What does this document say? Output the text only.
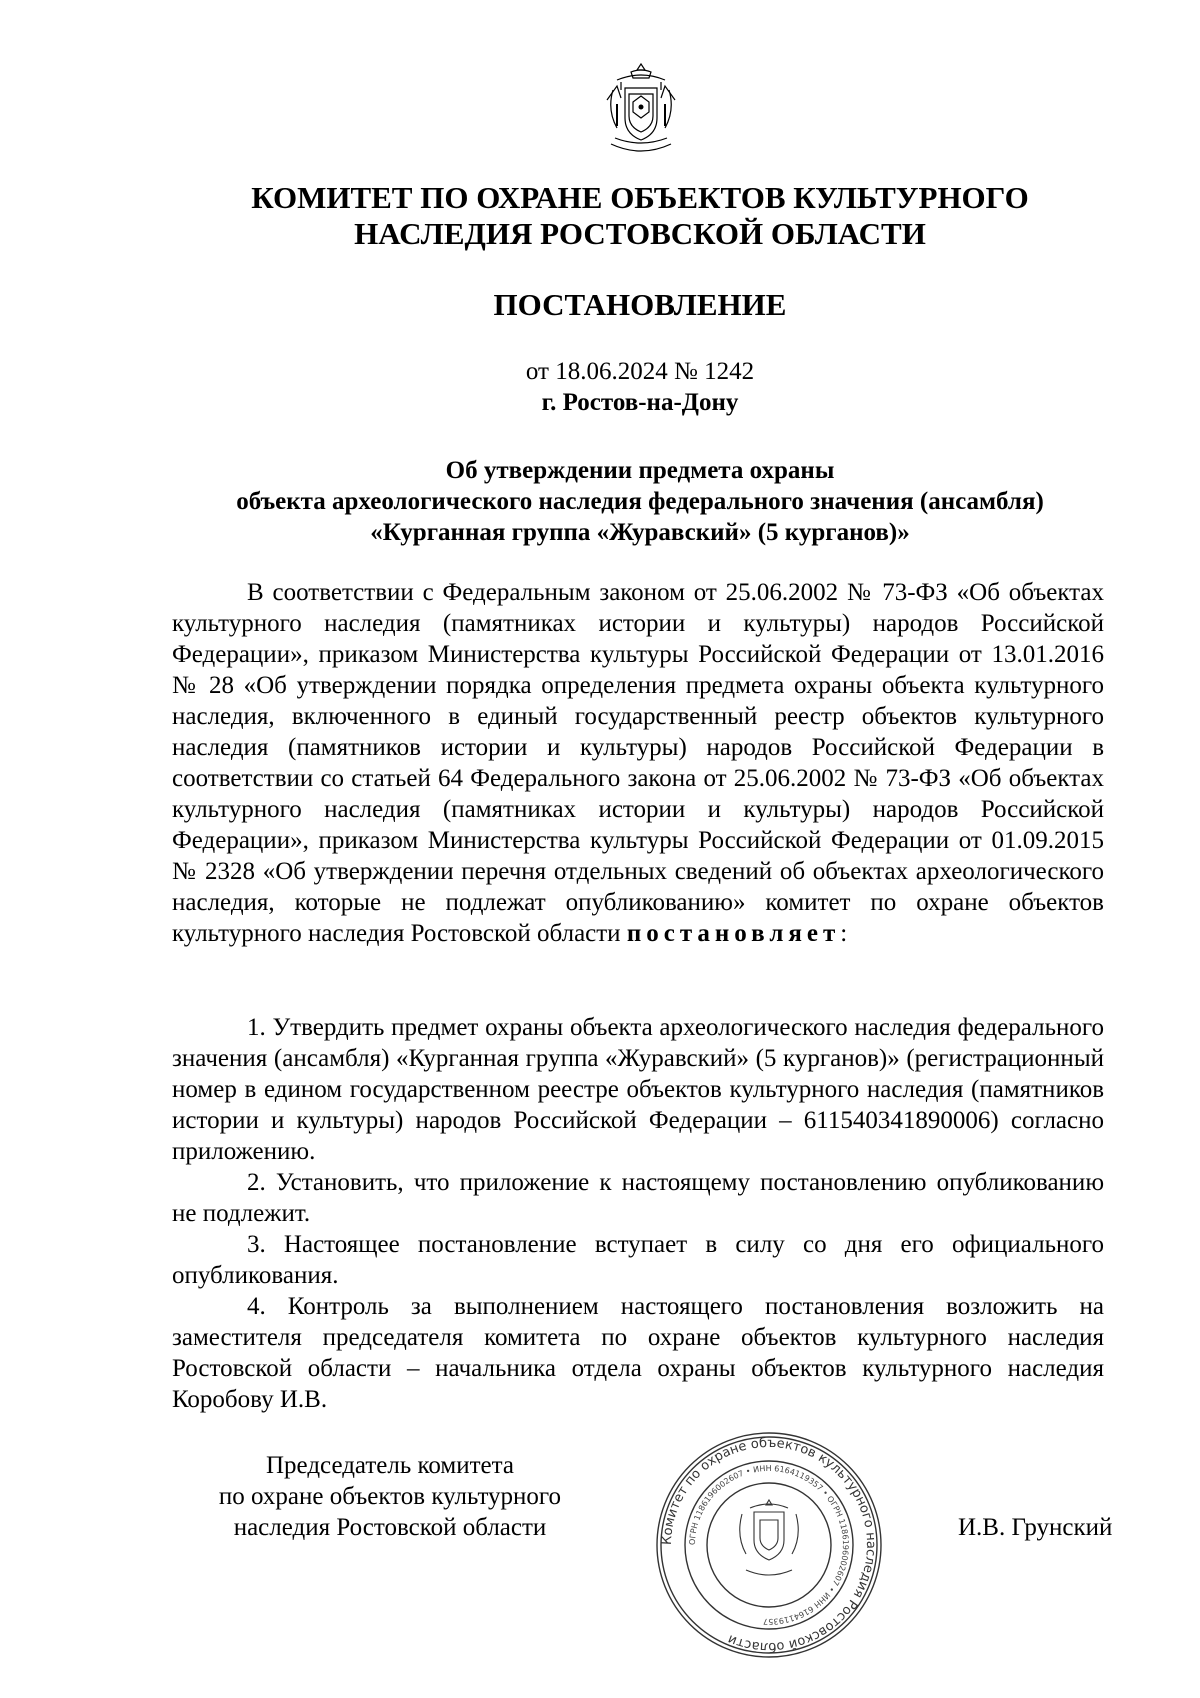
КОМИТЕТ ПО ОХРАНЕ ОБЪЕКТОВ КУЛЬТУРНОГО
НАСЛЕДИЯ РОСТОВСКОЙ ОБЛАСТИ
ПОСТАНОВЛЕНИЕ
от 18.06.2024 № 1242
г. Ростов-на-Дону
Об утверждении предмета охраны
объекта археологического наследия федерального значения (ансамбля)
«Курганная группа «Журавский» (5 курганов)»

В соответствии с Федеральным законом от 25.06.2002 № 73-ФЗ «Об объектах культурного наследия (памятниках истории и культуры) народов Российской Федерации», приказом Министерства культуры Российской Федерации от 13.01.2016 № 28 «Об утверждении порядка определения предмета охраны объекта культурного наследия, включенного в единый государственный реестр объектов культурного наследия (памятников истории и культуры) народов Российской Федерации в соответствии со статьей 64 Федерального закона от 25.06.2002 № 73-ФЗ «Об объектах культурного наследия (памятниках истории и культуры) народов Российской Федерации», приказом Министерства культуры Российской Федерации от 01.09.2015 № 2328 «Об утверждении перечня отдельных сведений об объектах археологического наследия, которые не подлежат опубликованию» комитет по охране объектов культурного наследия Ростовской области постановляет:

1. Утвердить предмет охраны объекта археологического наследия федерального значения (ансамбля) «Курганная группа «Журавский» (5 курганов)» (регистрационный номер в едином государственном реестре объектов культурного наследия (памятников истории и культуры) народов Российской Федерации – 611540341890006) согласно приложению.

2. Установить, что приложение к настоящему постановлению опубликованию не подлежит.

3. Настоящее постановление вступает в силу со дня его официального опубликования.

4. Контроль за выполнением настоящего постановления возложить на заместителя председателя комитета по охране объектов культурного наследия Ростовской области – начальника отдела охраны объектов культурного наследия Коробову И.В.

Председатель комитета
по охране объектов культурного
наследия Ростовской области	Комитет по охране объектов культурного наследия Ростовской области
ОГРН 1186196002607 • ИНН 6164119357 • ОГРН 1186196002607 • ИНН 6164119357
И.В. Грунский
